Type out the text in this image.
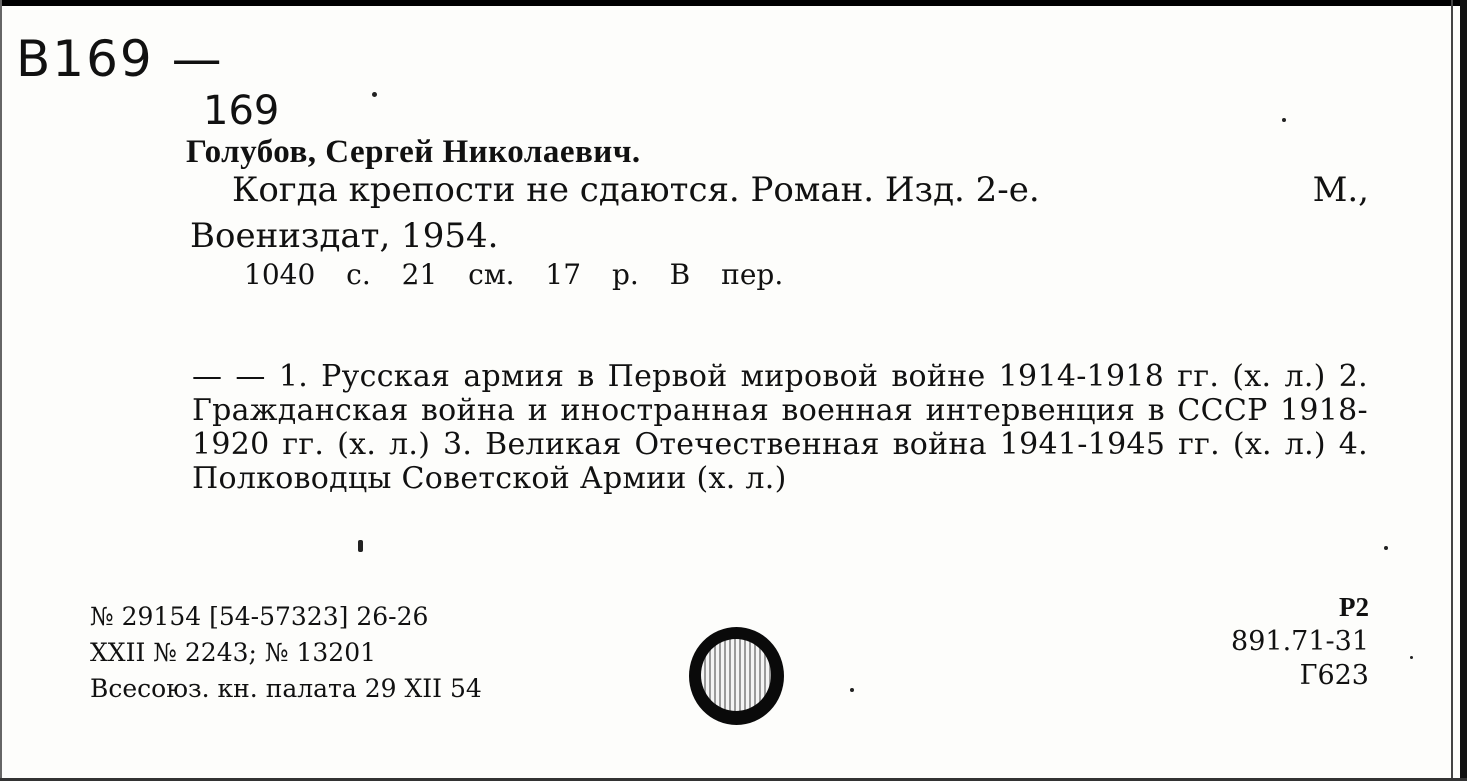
В169 —
169
Голубов, Сергей Николаевич.
Когда крепости не сдаются. Роман. Изд. 2-е.	М.,
Воениздат, 1954.
1040 с. 21 см. 17 р. В пер.
— — 1. Русская армия в Первой мировой войне 1914-1918 гг. (х. л.) 2. Гражданская война и иностранная военная интервенция в СССР 1918-1920 гг. (х. л.) 3. Великая Отечественная война 1941-1945 гг. (х. л.) 4. Полководцы Советской Армии (х. л.)
№ 29154 [54-57323] 26-26
XXII № 2243; № 13201
Всесоюз. кн. палата 29 XII 54
Р2
891.71-31
Г623
